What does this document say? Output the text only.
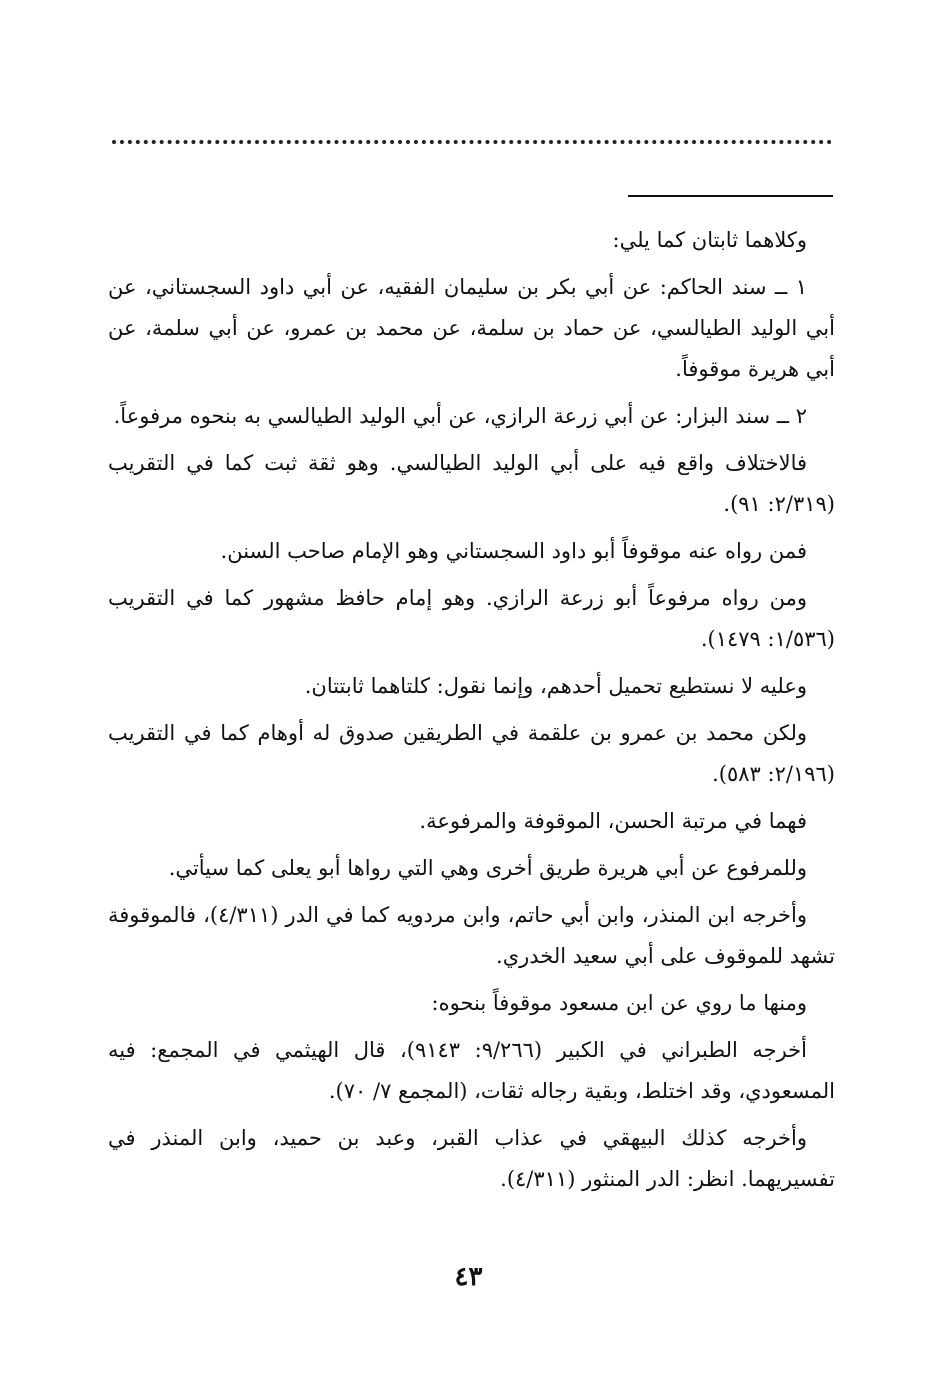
وكلاهما ثابتان كما يلي:

١ ــ سند الحاكم: عن أبي بكر بن سليمان الفقيه، عن أبي داود السجستاني، عن أبي الوليد الطيالسي، عن حماد بن سلمة، عن محمد بن عمرو، عن أبي سلمة، عن أبي هريرة موقوفاً.

٢ ــ سند البزار: عن أبي زرعة الرازي، عن أبي الوليد الطيالسي به بنحوه مرفوعاً.

فالاختلاف واقع فيه على أبي الوليد الطيالسي. وهو ثقة ثبت كما في التقريب (٢/٣١٩: ٩١).

فمن رواه عنه موقوفاً أبو داود السجستاني وهو الإمام صاحب السنن.

ومن رواه مرفوعاً أبو زرعة الرازي. وهو إمام حافظ مشهور كما في التقريب (١/٥٣٦: ١٤٧٩).

وعليه لا نستطيع تحميل أحدهم، وإنما نقول: كلتاهما ثابتتان.

ولكن محمد بن عمرو بن علقمة في الطريقين صدوق له أوهام كما في التقريب (٢/١٩٦: ٥٨٣).

فهما في مرتبة الحسن، الموقوفة والمرفوعة.

وللمرفوع عن أبي هريرة طريق أخرى وهي التي رواها أبو يعلى كما سيأتي.

وأخرجه ابن المنذر، وابن أبي حاتم، وابن مردويه كما في الدر (٤/٣١١)، فالموقوفة تشهد للموقوف على أبي سعيد الخدري.

ومنها ما روي عن ابن مسعود موقوفاً بنحوه:

أخرجه الطبراني في الكبير (٩/٢٦٦: ٩١٤٣)، قال الهيثمي في المجمع: فيه المسعودي، وقد اختلط، وبقية رجاله ثقات، (المجمع ٧/ ٧٠).

وأخرجه كذلك البيهقي في عذاب القبر، وعبد بن حميد، وابن المنذر في تفسيريهما. انظر: الدر المنثور (٤/٣١١).

٤٣
